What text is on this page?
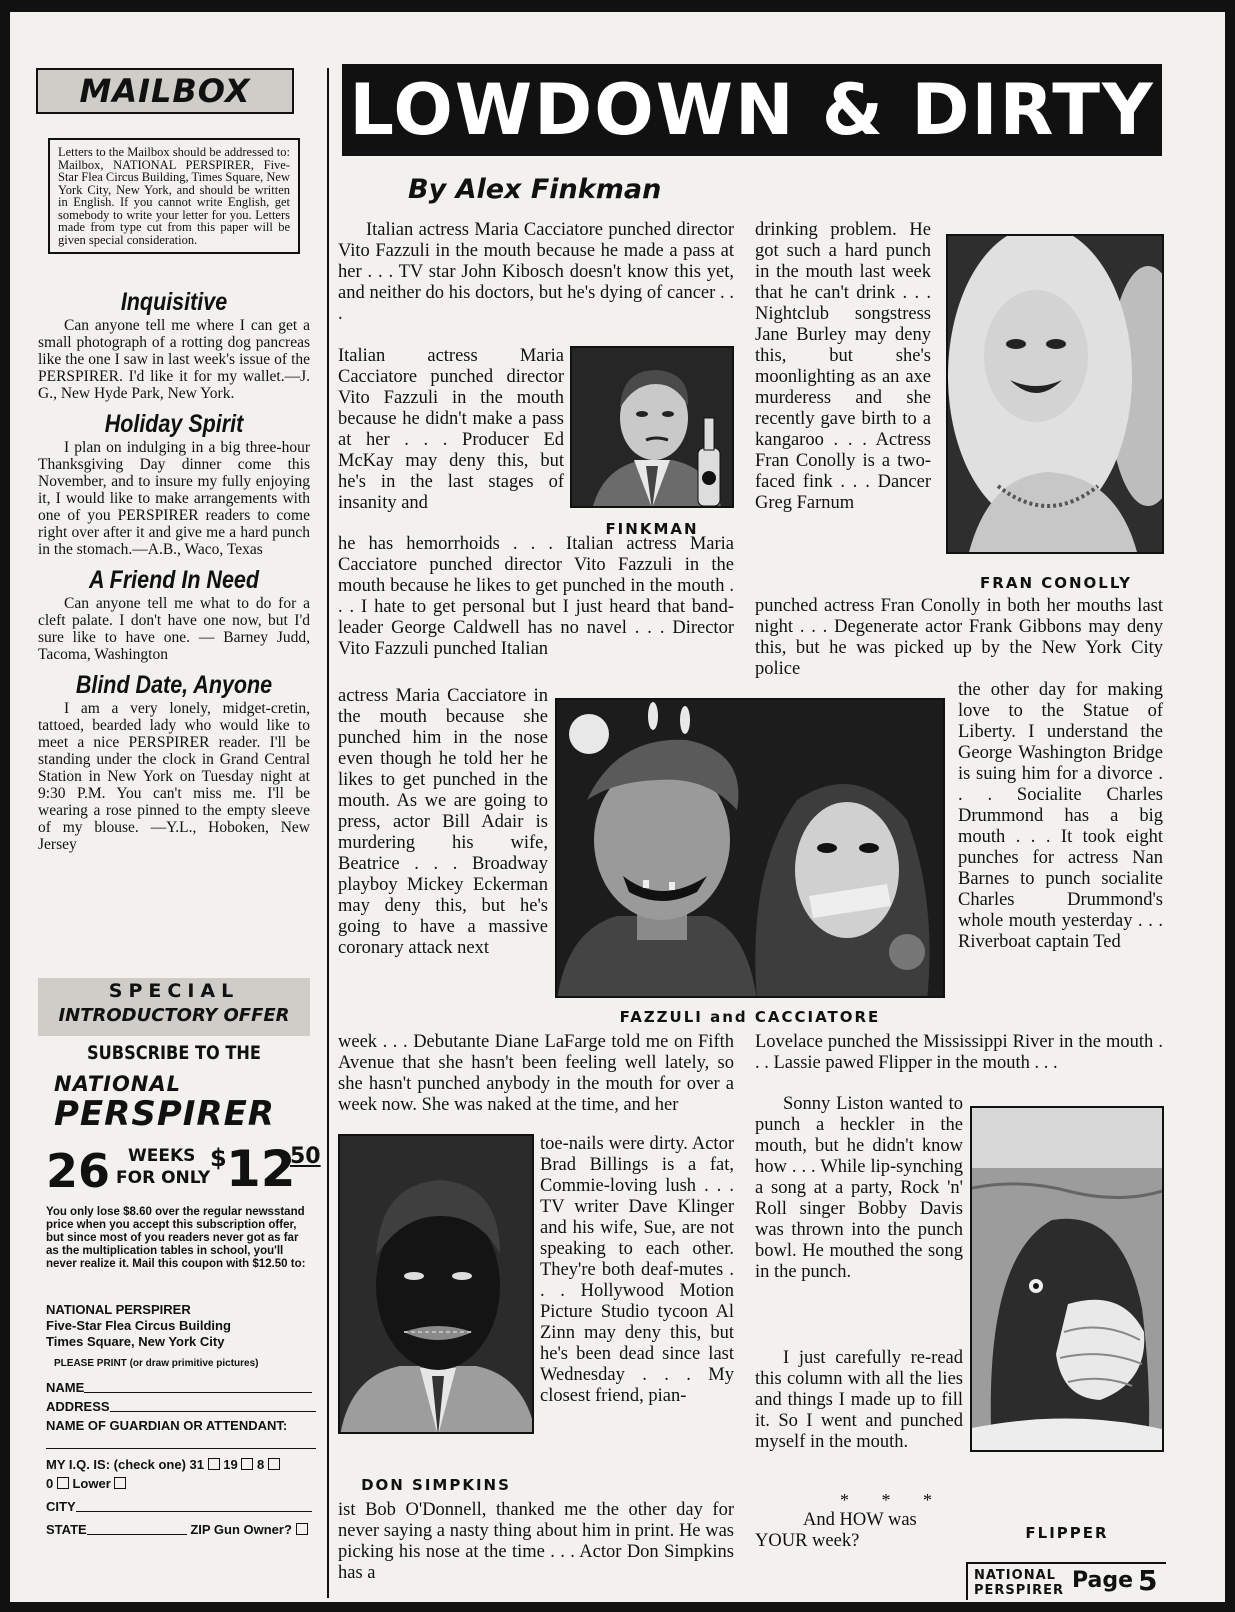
MAILBOX
Letters to the Mailbox should be addressed to: Mailbox, NATIONAL PERSPIRER, Five-Star Flea Circus Building, Times Square, New York City, New York, and should be written in English. If you cannot write English, get somebody to write your letter for you. Letters made from type cut from this paper will be given special consideration.
Inquisitive

Can anyone tell me where I can get a small photograph of a rotting dog pancreas like the one I saw in last week's issue of the PERSPIRER. I'd like it for my wallet.—J. G., New Hyde Park, New York.

Holiday Spirit

I plan on indulging in a big three-hour Thanksgiving Day dinner come this November, and to insure my fully enjoying it, I would like to make arrangements with one of you PERSPIRER readers to come right over after it and give me a hard punch in the stomach.—A.B., Waco, Texas

A Friend In Need

Can anyone tell me what to do for a cleft palate. I don't have one now, but I'd sure like to have one. — Barney Judd, Tacoma, Washington

Blind Date, Anyone

I am a very lonely, midget-cretin, tattoed, bearded lady who would like to meet a nice PERSPIRER reader. I'll be standing under the clock in Grand Central Station in New York on Tuesday night at 9:30 P.M. You can't miss me. I'll be wearing a rose pinned to the empty sleeve of my blouse. —Y.L., Hoboken, New Jersey

SPECIAL
INTRODUCTORY OFFER
SUBSCRIBE TO THE
NATIONAL
PERSPIRER
26 WEEKS
FOR ONLY
$ 12
50
You only lose $8.60 over the regular newsstand price when you accept this subscription offer, but since most of you readers never got as far as the multiplication tables in school, you'll never realize it. Mail this coupon with $12.50 to:
NATIONAL PERSPIRER
Five-Star Flea Circus Building
Times Square, New York City
PLEASE PRINT (or draw primitive pictures)
NAME
ADDRESS
NAME OF GUARDIAN OR ATTENDANT:
MY I.Q. IS: (check one) 31 19 8
0 Lower
CITY
STATE	ZIP Gun Owner?
LOWDOWN & DIRTY
By Alex Finkman

Italian actress Maria Cacciatore punched director Vito Fazzuli in the mouth because he made a pass at her . . . TV star John Kibosch doesn't know this yet, and neither do his doctors, but he's dying of cancer . . .

Italian actress Maria Cacciatore punched director Vito Fazzuli in the mouth because he didn't make a pass at her . . . Producer Ed McKay may deny this, but he's in the last stages of insanity and

he has hemorrhoids . . . Italian actress Maria Cacciatore punched director Vito Fazzuli in the mouth because he likes to get punched in the mouth . . . I hate to get personal but I just heard that band-leader George Caldwell has no navel . . . Director Vito Fazzuli punched Italian

actress Maria Cacciatore in the mouth because she punched him in the nose even though he told her he likes to get punched in the mouth. As we are going to press, actor Bill Adair is murdering his wife, Beatrice . . . Broadway playboy Mickey Eckerman may deny this, but he's going to have a massive coronary attack next

week . . . Debutante Diane LaFarge told me on Fifth Avenue that she hasn't been feeling well lately, so she hasn't punched anybody in the mouth for over a week now. She was naked at the time, and her

toe-nails were dirty. Actor Brad Billings is a fat, Commie-loving lush . . . TV writer Dave Klinger and his wife, Sue, are not speaking to each other. They're both deaf-mutes . . . Hollywood Motion Picture Studio tycoon Al Zinn may deny this, but he's been dead since last Wednesday . . . My closest friend, pian-

ist Bob O'Donnell, thanked me the other day for never saying a nasty thing about him in print. He was picking his nose at the time . . . Actor Don Simpkins has a

drinking problem. He got such a hard punch in the mouth last week that he can't drink . . . Nightclub songstress Jane Burley may deny this, but she's moonlighting as an axe murderess and she recently gave birth to a kangaroo . . . Actress Fran Conolly is a two-faced fink . . . Dancer Greg Farnum

punched actress Fran Conolly in both her mouths last night . . . Degenerate actor Frank Gibbons may deny this, but he was picked up by the New York City police

the other day for making love to the Statue of Liberty. I understand the George Washington Bridge is suing him for a divorce . . . Socialite Charles Drummond has a big mouth . . . It took eight punches for actress Nan Barnes to punch socialite Charles Drummond's whole mouth yesterday . . . Riverboat captain Ted

Lovelace punched the Mississippi River in the mouth . . . Lassie pawed Flipper in the mouth . . .

Sonny Liston wanted to punch a heckler in the mouth, but he didn't know how . . . While lip-synching a song at a party, Rock 'n' Roll singer Bobby Davis was thrown into the punch bowl. He mouthed the song in the punch.

I just carefully re-read this column with all the lies and things I made up to fill it. So I went and punched myself in the mouth.

* * *
And HOW was YOUR week?
FINKMAN
FRAN CONOLLY
FAZZULI and CACCIATORE
DON SIMPKINS
FLIPPER
NATIONAL
PERSPIRER Page 5
